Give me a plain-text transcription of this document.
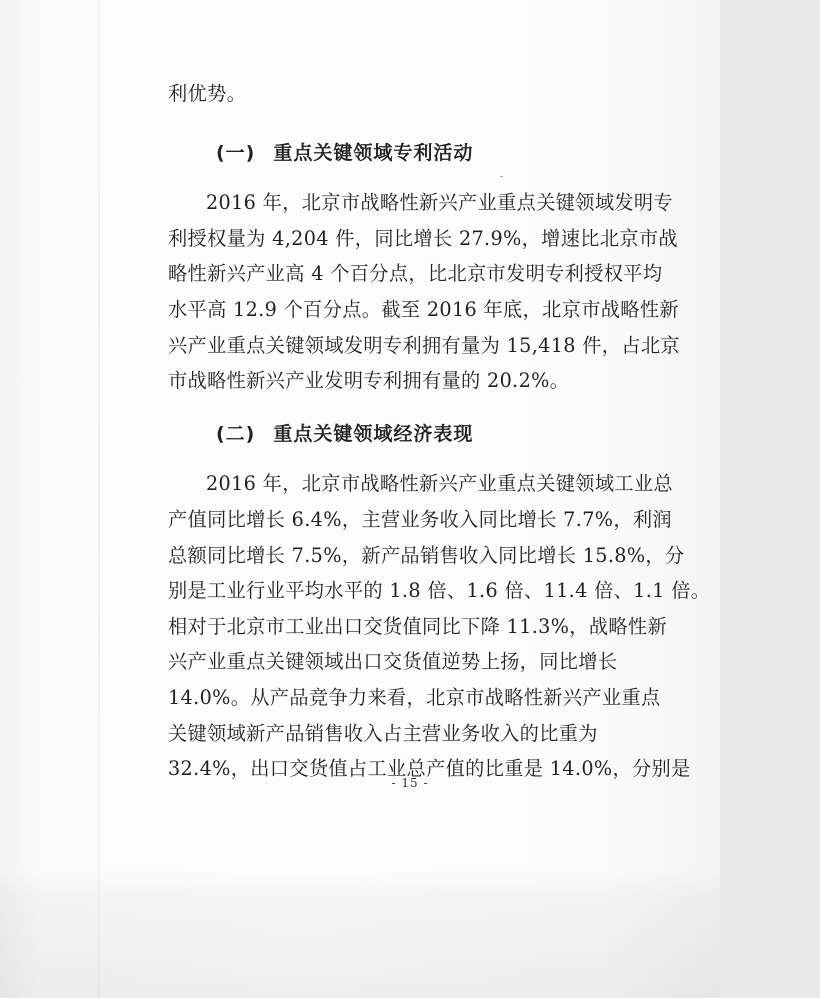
利优势。
(一) 重点关键领域专利活动
2016 年，北京市战略性新兴产业重点关键领域发明专
利授权量为 4,204 件，同比增长 27.9%，增速比北京市战
略性新兴产业高 4 个百分点，比北京市发明专利授权平均
水平高 12.9 个百分点。截至 2016 年底，北京市战略性新
兴产业重点关键领域发明专利拥有量为 15,418 件，占北京
市战略性新兴产业发明专利拥有量的 20.2%。
(二) 重点关键领域经济表现
2016 年，北京市战略性新兴产业重点关键领域工业总
产值同比增长 6.4%，主营业务收入同比增长 7.7%，利润
总额同比增长 7.5%，新产品销售收入同比增长 15.8%，分
别是工业行业平均水平的 1.8 倍、1.6 倍、11.4 倍、1.1 倍。
相对于北京市工业出口交货值同比下降 11.3%，战略性新
兴产业重点关键领域出口交货值逆势上扬，同比增长
14.0%。从产品竞争力来看，北京市战略性新兴产业重点
关键领域新产品销售收入占主营业务收入的比重为
32.4%，出口交货值占工业总产值的比重是 14.0%，分别是
- 15 -
